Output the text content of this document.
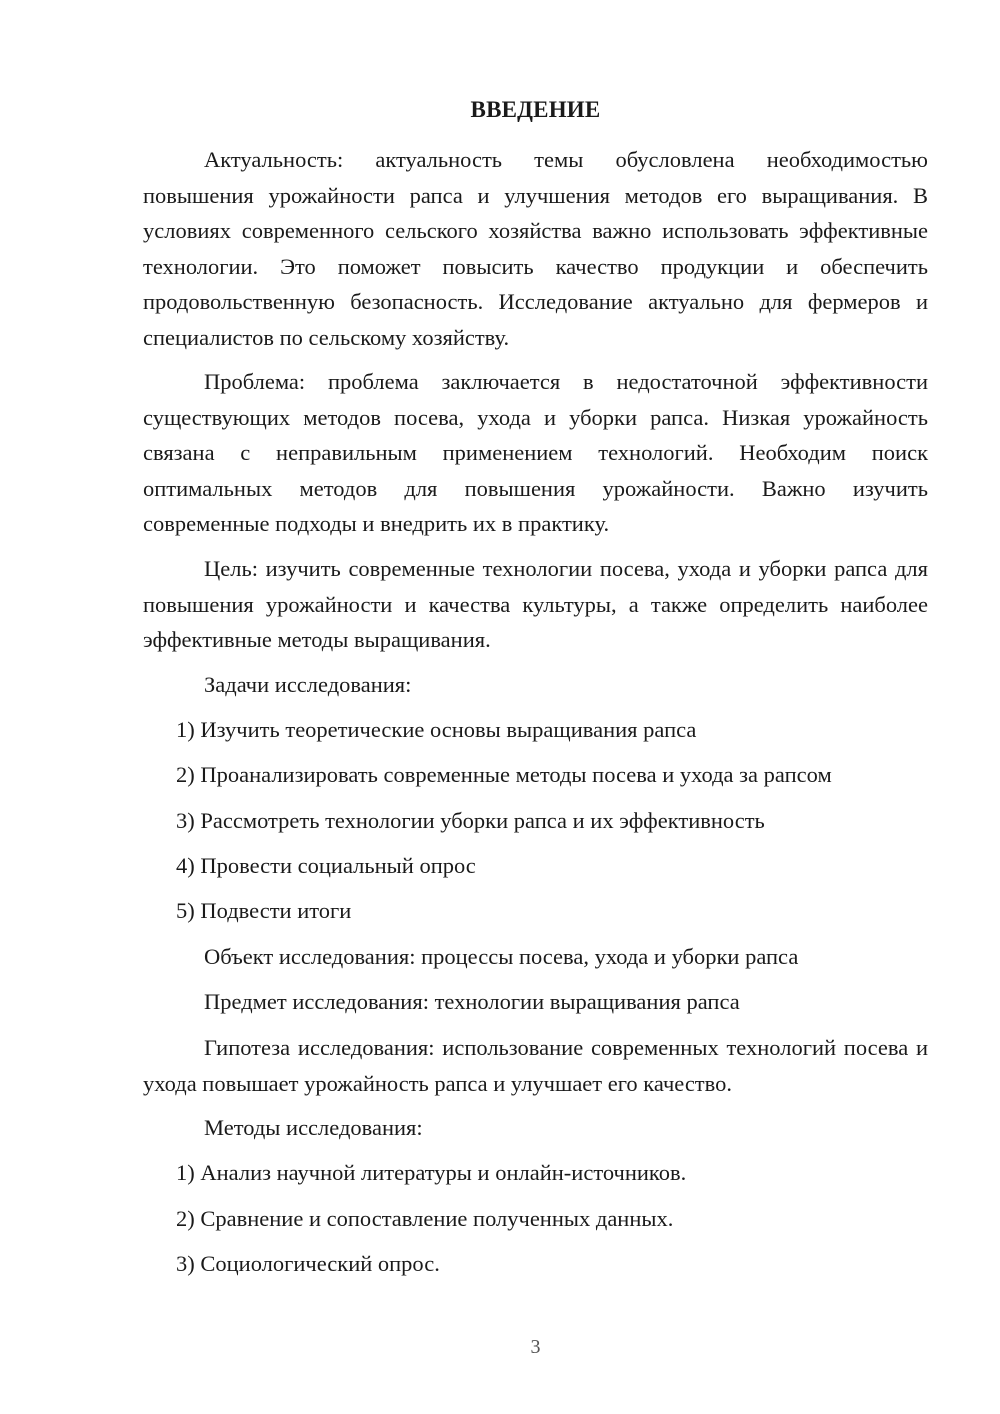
ВВЕДЕНИЕ

Актуальность: актуальность темы обусловлена необходимостью повышения урожайности рапса и улучшения методов его выращивания. В условиях современного сельского хозяйства важно использовать эффективные технологии. Это поможет повысить качество продукции и обеспечить продовольственную безопасность. Исследование актуально для фермеров и специалистов по сельскому хозяйству.

Проблема: проблема заключается в недостаточной эффективности существующих методов посева, ухода и уборки рапса. Низкая урожайность связана с неправильным применением технологий. Необходим поиск оптимальных методов для повышения урожайности. Важно изучить современные подходы и внедрить их в практику.

Цель: изучить современные технологии посева, ухода и уборки рапса для повышения урожайности и качества культуры, а также определить наиболее эффективные методы выращивания.

Задачи исследования:

1) Изучить теоретические основы выращивания рапса

2) Проанализировать современные методы посева и ухода за рапсом

3) Рассмотреть технологии уборки рапса и их эффективность

4) Провести социальный опрос

5) Подвести итоги

Объект исследования: процессы посева, ухода и уборки рапса

Предмет исследования: технологии выращивания рапса

Гипотеза исследования: использование современных технологий посева и ухода повышает урожайность рапса и улучшает его качество.

Методы исследования:

1) Анализ научной литературы и онлайн-источников.

2) Сравнение и сопоставление полученных данных.

3) Социологический опрос.

3
